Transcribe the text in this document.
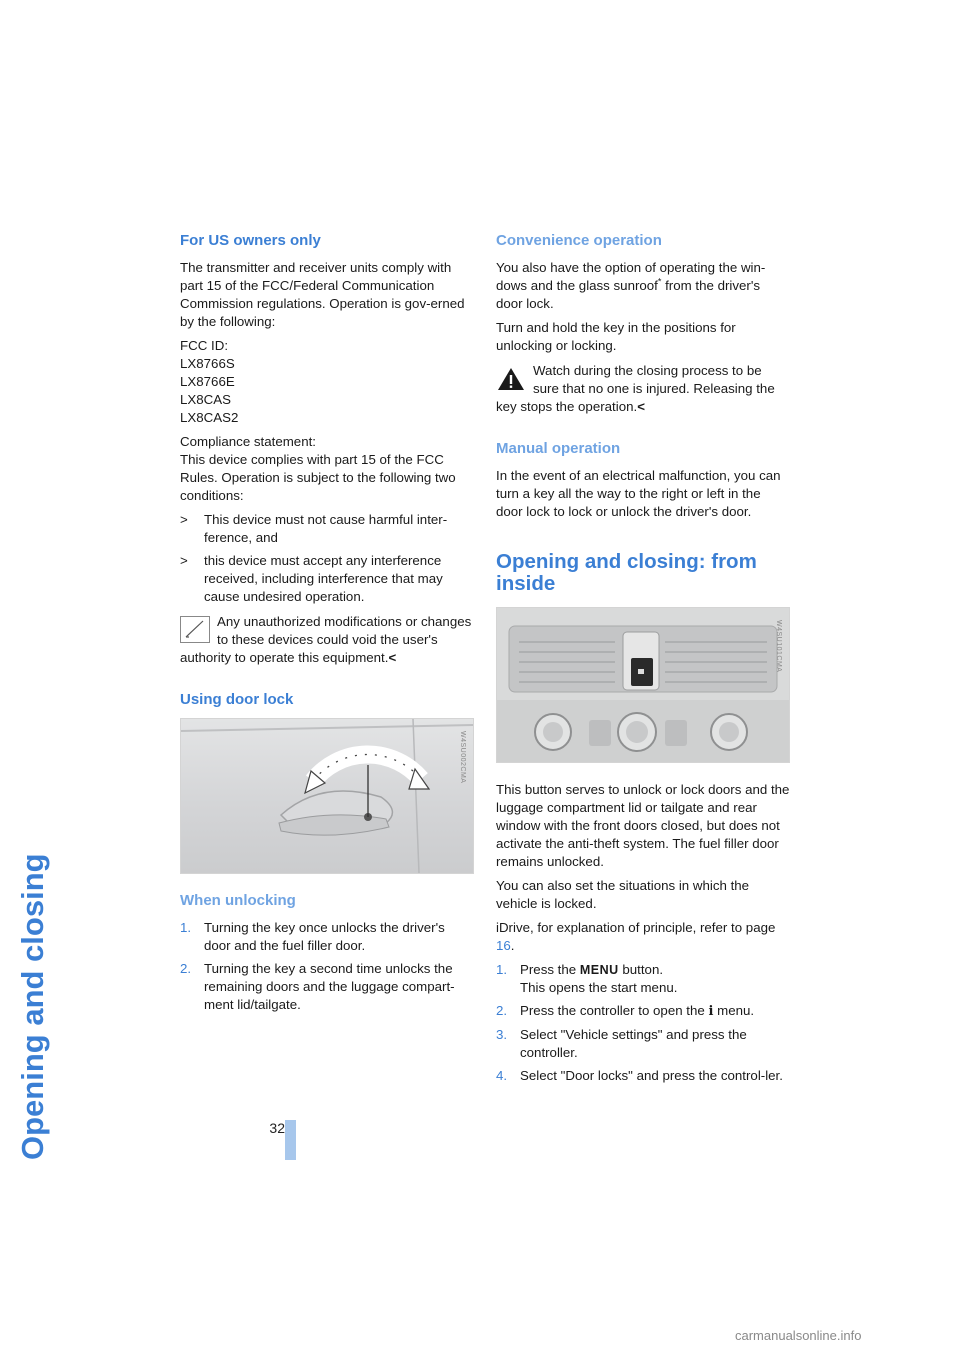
Opening and closing	32
For US owners only

The transmitter and receiver units comply with part 15 of the FCC/Federal Communication Commission regulations. Operation is gov-erned by the following:

FCC ID:
LX8766S
LX8766E
LX8CAS
LX8CAS2

Compliance statement:
This device complies with part 15 of the FCC Rules. Operation is subject to the following two conditions:

> This device must not cause harmful inter-ference, and
> this device must accept any interference received, including interference that may cause undesired operation.
Any unauthorized modifications or changes to these devices could void the user's authority to operate this equipment.<
Using door lock
W4SU002CMA
When unlocking
1. Turning the key once unlocks the driver's door and the fuel filler door.
2. Turning the key a second time unlocks the remaining doors and the luggage compart-ment lid/tailgate.
Convenience operation

You also have the option of operating the win-dows and the glass sunroof* from the driver's door lock.

Turn and hold the key in the positions for unlocking or locking.

Watch during the closing process to be sure that no one is injured. Releasing the key stops the operation.<
Manual operation

In the event of an electrical malfunction, you can turn a key all the way to the right or left in the door lock to lock or unlock the driver's door.

Opening and closing: from inside
W4SU101CMA

This button serves to unlock or lock doors and the luggage compartment lid or tailgate and rear window with the front doors closed, but does not activate the anti-theft system. The fuel filler door remains unlocked.

You can also set the situations in which the vehicle is locked.

iDrive, for explanation of principle, refer to page 16.

1. Press the MENU button.
This opens the start menu.
2. Press the controller to open the i menu.
3. Select "Vehicle settings" and press the controller.
4. Select "Door locks" and press the control-ler.
carmanualsonline.info
